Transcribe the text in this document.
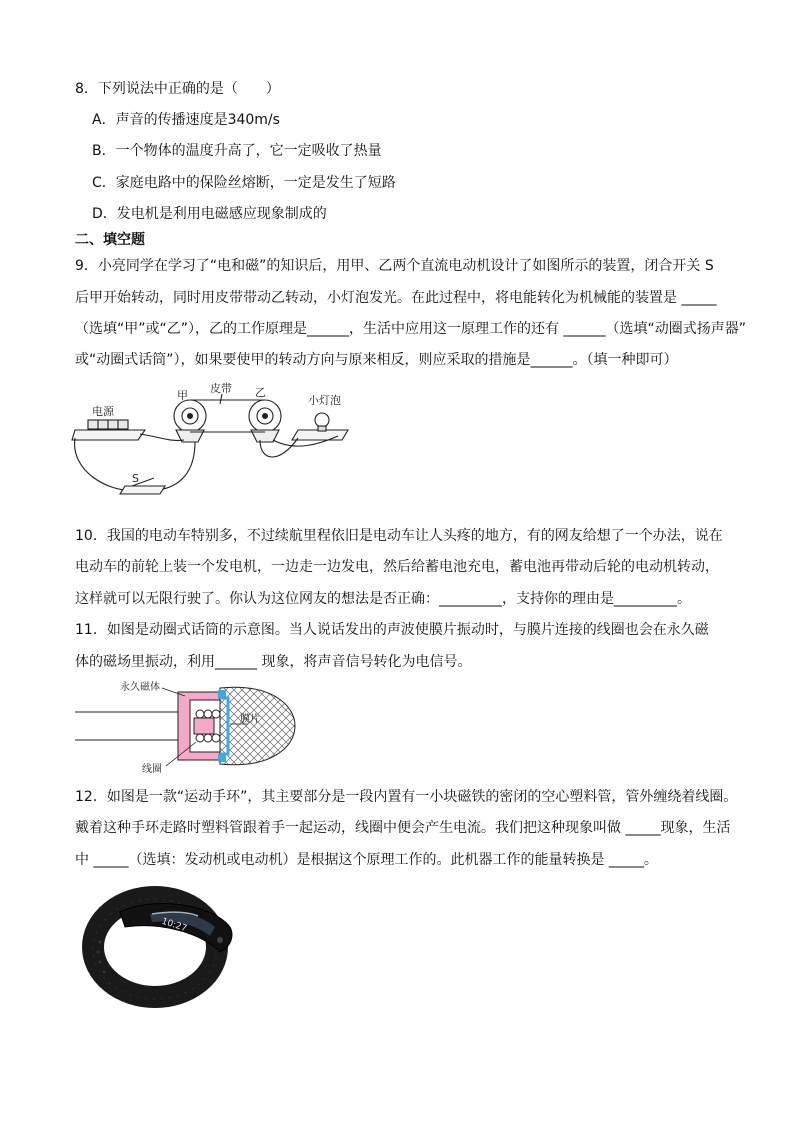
8．下列说法中正确的是（　　）
A．声音的传播速度是340m/s
B．一个物体的温度升高了，它一定吸收了热量
C．家庭电路中的保险丝熔断，一定是发生了短路
D．发电机是利用电磁感应现象制成的
二、填空题
9．小亮同学在学习了“电和磁”的知识后，用甲、乙两个直流电动机设计了如图所示的装置，闭合开关 S
后甲开始转动，同时用皮带带动乙转动，小灯泡发光。在此过程中，将电能转化为机械能的装置是 _____
（选填“甲”或“乙”），乙的工作原理是______，生活中应用这一原理工作的还有 ______（选填“动圈式扬声器”
或“动圈式话筒”），如果要使甲的转动方向与原来相反，则应采取的措施是______。（填一种即可）
甲	乙
皮带
电源
小灯泡
S
10．我国的电动车特别多，不过续航里程依旧是电动车让人头疼的地方，有的网友给想了一个办法，说在
电动车的前轮上装一个发电机，一边走一边发电，然后给蓄电池充电，蓄电池再带动后轮的电动机转动，
这样就可以无限行驶了。你认为这位网友的想法是否正确：_________，支持你的理由是_________。
11．如图是动圈式话筒的示意图。当人说话发出的声波使膜片振动时，与膜片连接的线圈也会在永久磁
体的磁场里振动，利用______ 现象，将声音信号转化为电信号。
永久磁体
线圈
膜片
12．如图是一款“运动手环”，其主要部分是一段内置有一小块磁铁的密闭的空心塑料管，管外缠绕着线圈。
戴着这种手环走路时塑料管跟着手一起运动，线圈中便会产生电流。我们把这种现象叫做 _____现象，生活
中 _____（选填：发动机或电动机）是根据这个原理工作的。此机器工作的能量转换是 _____。
10:27
